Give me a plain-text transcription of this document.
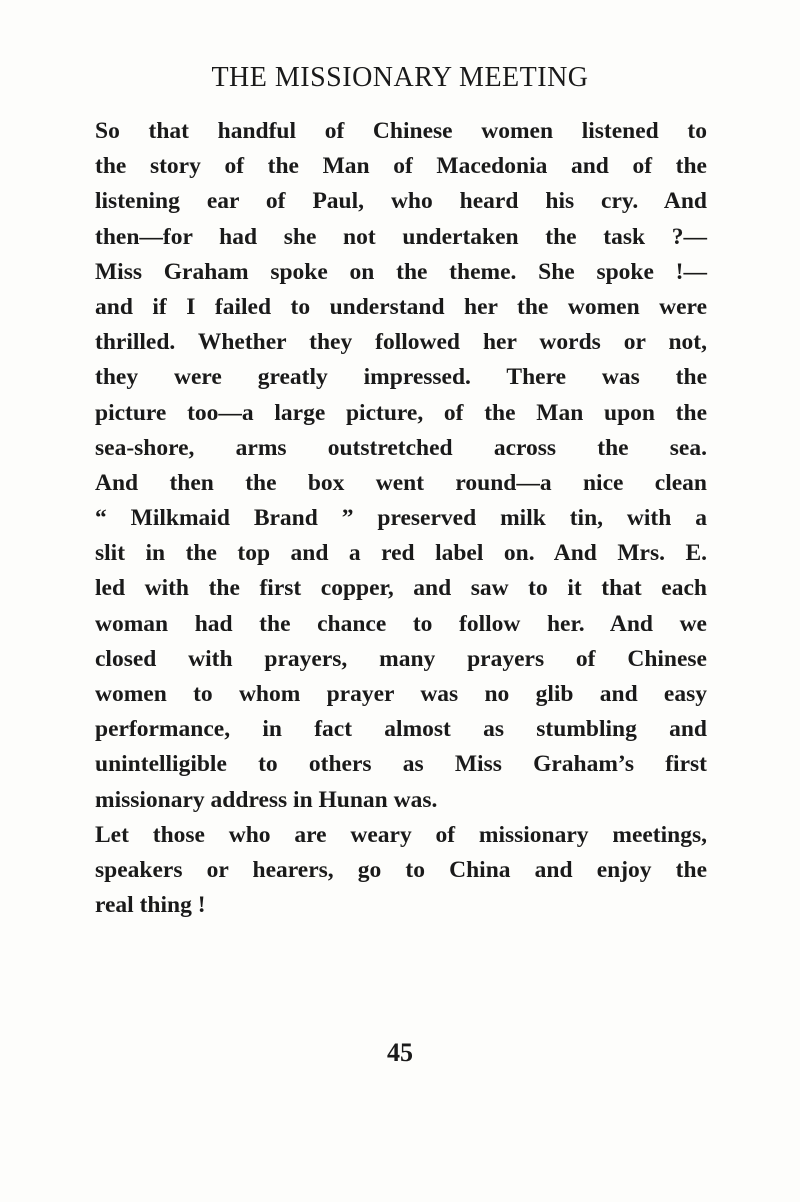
THE MISSIONARY MEETING
So that handful of Chinese women listened to
the story of the Man of Macedonia and of the
listening ear of Paul, who heard his cry. And
then—for had she not undertaken the task ?—
Miss Graham spoke on the theme. She spoke !—
and if I failed to understand her the women were
thrilled. Whether they followed her words or not,
they were greatly impressed. There was the
picture too—a large picture, of the Man upon the
sea-shore, arms outstretched across the sea.
And then the box went round—a nice clean
“ Milkmaid Brand ” preserved milk tin, with a
slit in the top and a red label on. And Mrs. E.
led with the first copper, and saw to it that each
woman had the chance to follow her. And we
closed with prayers, many prayers of Chinese
women to whom prayer was no glib and easy
performance, in fact almost as stumbling and
unintelligible to others as Miss Graham’s first
missionary address in Hunan was.
Let those who are weary of missionary meetings,
speakers or hearers, go to China and enjoy the
real thing !
45
